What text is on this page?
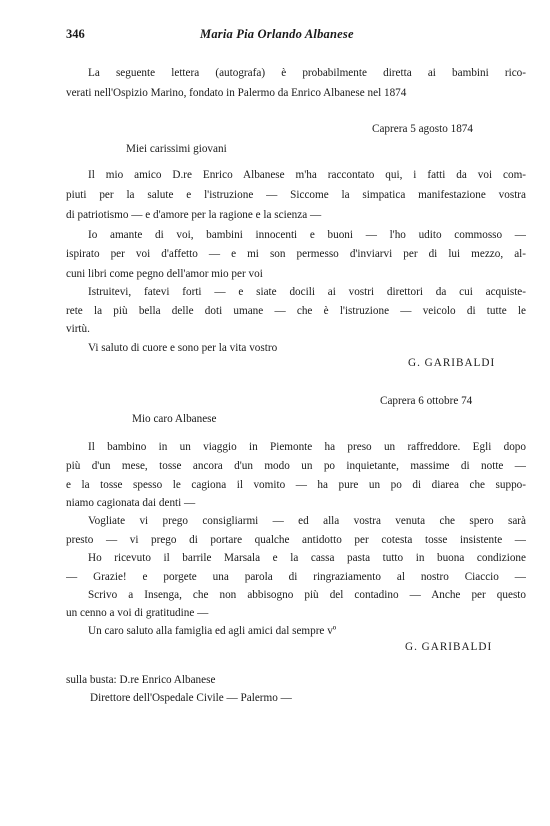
346	Maria Pia Orlando Albanese
La seguente lettera (autografa) è probabilmente diretta ai bambini rico-
verati nell'Ospizio Marino, fondato in Palermo da Enrico Albanese nel 1874
Caprera 5 agosto 1874
Miei carissimi giovani
Il mio amico D.re Enrico Albanese m'ha raccontato qui, i fatti da voi com-
piuti per la salute e l'istruzione — Siccome la simpatica manifestazione vostra
di patriotismo — e d'amore per la ragione e la scienza —
Io amante di voi, bambini innocenti e buoni — l'ho udito commosso —
ispirato per voi d'affetto — e mi son permesso d'inviarvi per di lui mezzo, al-
cuni libri come pegno dell'amor mio per voi
Istruitevi, fatevi forti — e siate docili ai vostri direttori da cui acquiste-
rete la più bella delle doti umane — che è l'istruzione — veicolo di tutte le
virtù.
Vi saluto di cuore e sono per la vita vostro
G. GARIBALDI
Caprera 6 ottobre 74
Mio caro Albanese
Il bambino in un viaggio in Piemonte ha preso un raffreddore. Egli dopo
più d'un mese, tosse ancora d'un modo un po inquietante, massime di notte —
e la tosse spesso le cagiona il vomito — ha pure un po di diarea che suppo-
niamo cagionata dai denti —
Vogliate vi prego consigliarmi — ed alla vostra venuta che spero sarà
presto — vi prego di portare qualche antidotto per cotesta tosse insistente —
Ho ricevuto il barrile Marsala e la cassa pasta tutto in buona condizione
— Grazie! e porgete una parola di ringraziamento al nostro Ciaccio —
Scrivo a Insenga, che non abbisogno più del contadino — Anche per questo
un cenno a voi di gratitudine —
Un caro saluto alla famiglia ed agli amici dal sempre vº
G. GARIBALDI
sulla busta: D.re Enrico Albanese
Direttore dell'Ospedale Civile — Palermo —
